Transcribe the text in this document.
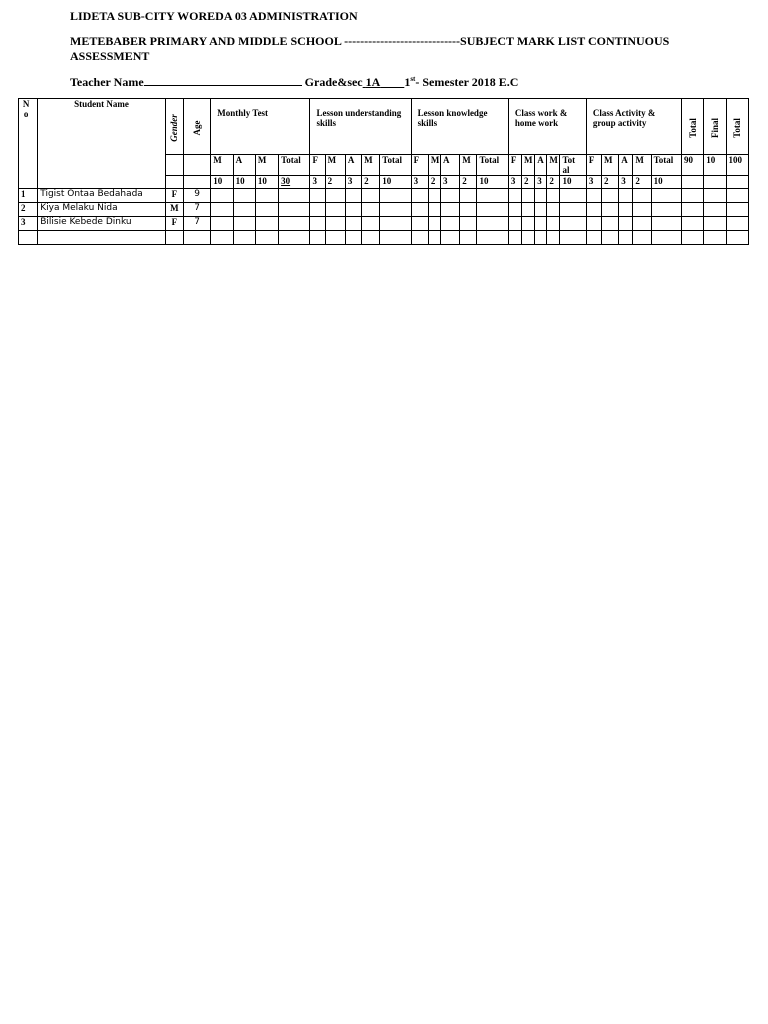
LIDETA SUB-CITY WOREDA 03 ADMINISTRATION
METEBABER PRIMARY AND MIDDLE SCHOOL -----------------------------SUBJECT MARK LIST CONTINUOUS ASSESSMENT
Teacher Name	Grade&sec 1A 1st- Semester 2018 E.C
N o	Student Name	Gender	Age	Monthly Test				Lesson understanding skills					Lesson knowledge skills					Class work & home work					Class Activity & group activity					Total	Final	Total

				M	A	M	Total	F	M	A	M	Total	F	M	A	M	Total	F	M	A	M	Tot al	F	M	A	M	Total	90	10	100
				10	10	10	30	3	2	3	2	10	3	2	3	2	10	3	2	3	2	10	3	2	3	2	10			
1	Tigist Ontaa Bedahada	F	9																											
2	Kiya Melaku Nida	M	7																											
3	Bilisie Kebede Dinku	F	7																											
